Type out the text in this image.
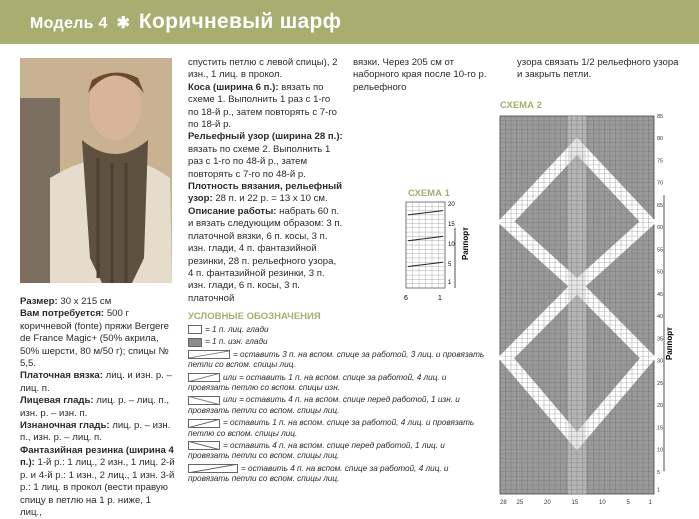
Модель 4 ✱ Коричневый шарф

Размер: 30 х 215 см

Вам потребуется: 500 г коричневой (fonte) пряжи Bergere de France Magic+ (50% акрила, 50% шерсти, 80 м/50 г); спицы № 5,5.

Платочная вязка: лиц. и изн. р. – лиц. п.

Лицевая гладь: лиц. р. – лиц. п., изн. р. – изн. п.

Изнаночная гладь: лиц. р. – изн. п., изн. р. – лиц. п.

Фантазийная резинка (ширина 4 п.): 1-й р.: 1 лиц., 2 изн., 1 лиц. 2-й р. и 4-й р.: 1 изн., 2 лиц., 1 изн. 3-й р.: 1 лиц. в прокол (вести правую спицу в петлю на 1 р. ниже, 1 лиц.,

спустить петлю с левой спицы), 2 изн., 1 лиц. в прокол.

Коса (ширина 6 п.): вязать по схеме 1. Выполнить 1 раз с 1-го по 18-й р., затем повторять с 7-го по 18-й р.

Рельефный узор (ширина 28 п.): вязать по схеме 2. Выполнить 1 раз с 1-го по 48-й р., затем повторять с 7-го по 48-й р.

Плотность вязания, рельефный узор: 28 п. и 22 р. = 13 х 10 см.

Описание работы: набрать 60 п. и вязать следующим образом: 3 п. платочной вязки, 6 п. косы, 3 п. изн. глади, 4 п. фантазийной резинки, 28 п. рельефного узора, 4 п. фантазийной резинки, 3 п. изн. глади, 6 п. косы, 3 п. платочной

вязки. Через 205 см от наборного края после 10-го р. рельефного

узора связать 1/2 рельефного узора и закрыть петли.

СХЕМА 1
6	1
20
15
10
5
1
Раппорт
СХЕМА 2
85
80
75
70
65
60
55
50
45
40
35
30
25
20
15
10
5
1
28 25	20	15	10	5	1
Раппорт
УСЛОВНЫЕ ОБОЗНАЧЕНИЯ
= 1 п. лиц. глади
= 1 п. изн. глади
= оставить 3 п. на вспом. спице за работой, 3 лиц. и провязать петли со вспом. спицы лиц.
или = оставить 1 п. на вспом. спице за работой, 4 лиц. и провязать петлю со вспом. спицы изн.
или = оставить 4 п. на вспом. спице перед работой, 1 изн. и провязать петли со вспом. спицы лиц.
= оставить 1 п. на вспом. спице за работой, 4 лиц. и провязать петлю со вспом. спицы лиц.
= оставить 4 п. на вспом. спице перед работой, 1 лиц. и провязать петли со вспом. спицы лиц.
= оставить 4 п. на вспом. спице за работой, 4 лиц. и провязать петли со вспом. спицы лиц.
